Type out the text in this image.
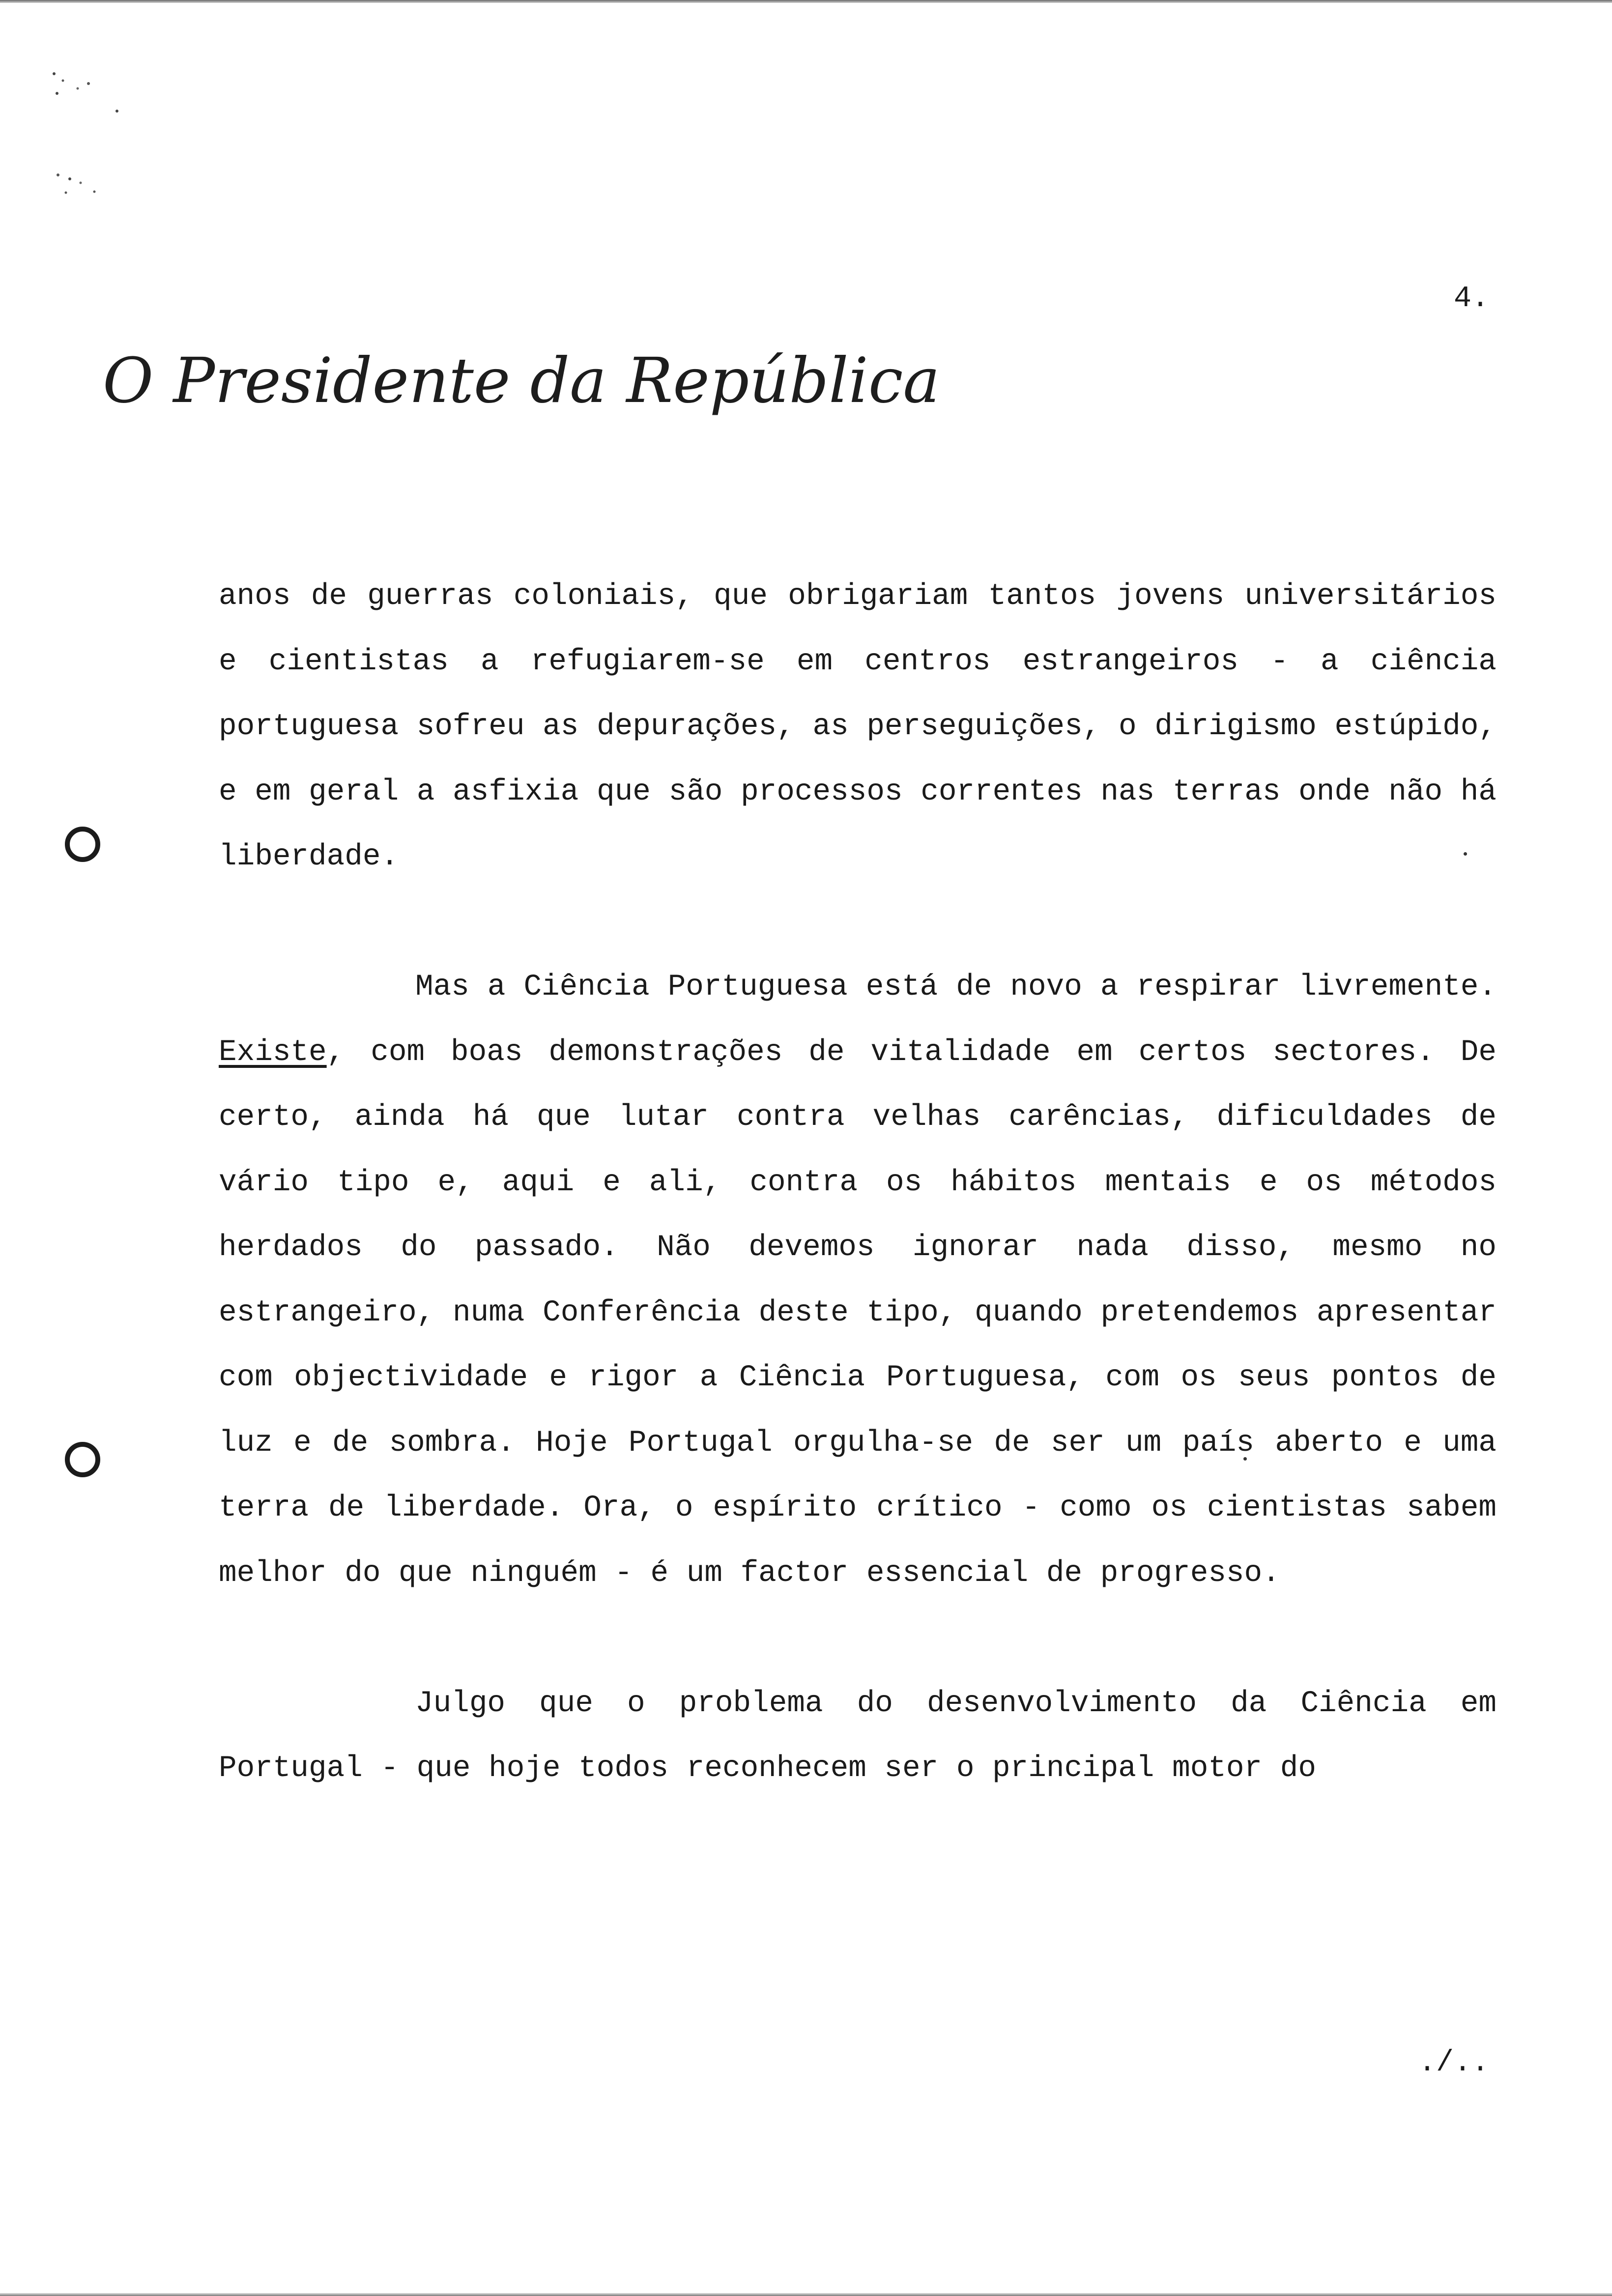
4.
O Presidente da República

anos de guerras coloniais, que obrigariam tantos jovens universitários e cientistas a refugiarem-se em centros estrangeiros - a ciência portuguesa sofreu as depurações, as perseguições, o dirigismo estúpido, e em geral a asfixia que são processos correntes nas terras onde não há liberdade.

Mas a Ciência Portuguesa está de novo a respirar livremente. Existe, com boas demonstrações de vitalidade em certos sectores. De certo, ainda há que lutar contra velhas carências, dificuldades de vário tipo e, aqui e ali, contra os hábitos mentais e os métodos herdados do passado. Não devemos ignorar nada disso, mesmo no estrangeiro, numa Conferência deste tipo, quando pretendemos apresentar com objectividade e rigor a Ciência Portuguesa, com os seus pontos de luz e de sombra. Hoje Portugal orgulha-se de ser um país aberto e uma terra de liberdade. Ora, o espírito crítico - como os cientistas sabem melhor do que ninguém - é um factor essencial de progresso.

Julgo que o problema do desenvolvimento da Ciência em Portugal - que hoje todos reconhecem ser o principal motor do

./..
